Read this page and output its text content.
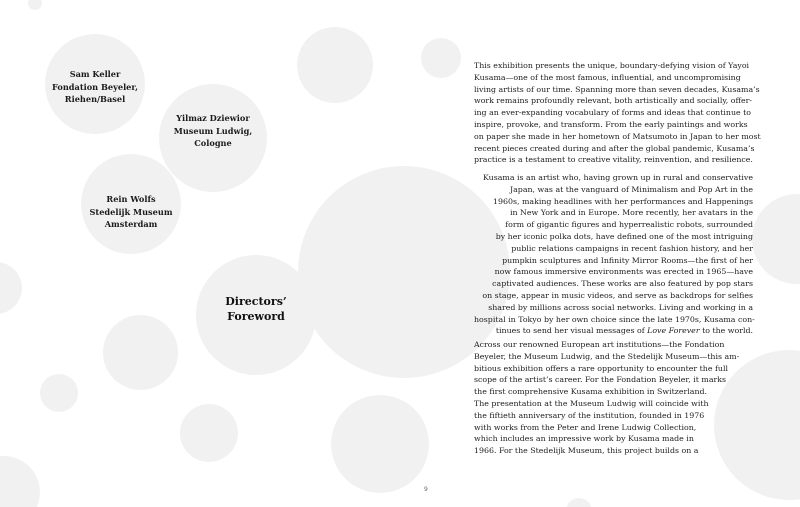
Sam Keller
Fondation Beyeler,
Riehen/Basel
Yilmaz Dziewior
Museum Ludwig,
Cologne
Rein Wolfs
Stedelijk Museum
Amsterdam
Directors’
Foreword
This exhibition presents the unique, boundary-defying vision of Yayoi
Kusama—one of the most famous, influential, and uncompromising
living artists of our time. Spanning more than seven decades, Kusama’s
work remains profoundly relevant, both artistically and socially, offer-
ing an ever-expanding vocabulary of forms and ideas that continue to
inspire, provoke, and transform. From the early paintings and works
on paper she made in her hometown of Matsumoto in Japan to her most
recent pieces created during and after the global pandemic, Kusama’s
practice is a testament to creative vitality, reinvention, and resilience.
Kusama is an artist who, having grown up in rural and conservative
Japan, was at the vanguard of Minimalism and Pop Art in the
1960s, making headlines with her performances and Happenings
in New York and in Europe. More recently, her avatars in the
form of gigantic figures and hyperrealistic robots, surrounded
by her iconic polka dots, have defined one of the most intriguing
public relations campaigns in recent fashion history, and her
pumpkin sculptures and Infinity Mirror Rooms—the first of her
now famous immersive environments was erected in 1965—have
captivated audiences. These works are also featured by pop stars
on stage, appear in music videos, and serve as backdrops for selfies
shared by millions across social networks. Living and working in a
hospital in Tokyo by her own choice since the late 1970s, Kusama con-
tinues to send her visual messages of Love Forever to the world.
Across our renowned European art institutions—the Fondation
Beyeler, the Museum Ludwig, and the Stedelijk Museum—this am-
bitious exhibition offers a rare opportunity to encounter the full
scope of the artist’s career. For the Fondation Beyeler, it marks
the first comprehensive Kusama exhibition in Switzerland.
The presentation at the Museum Ludwig will coincide with
the fiftieth anniversary of the institution, founded in 1976
with works from the Peter and Irene Ludwig Collection,
which includes an impressive work by Kusama made in
1966. For the Stedelijk Museum, this project builds on a
9
